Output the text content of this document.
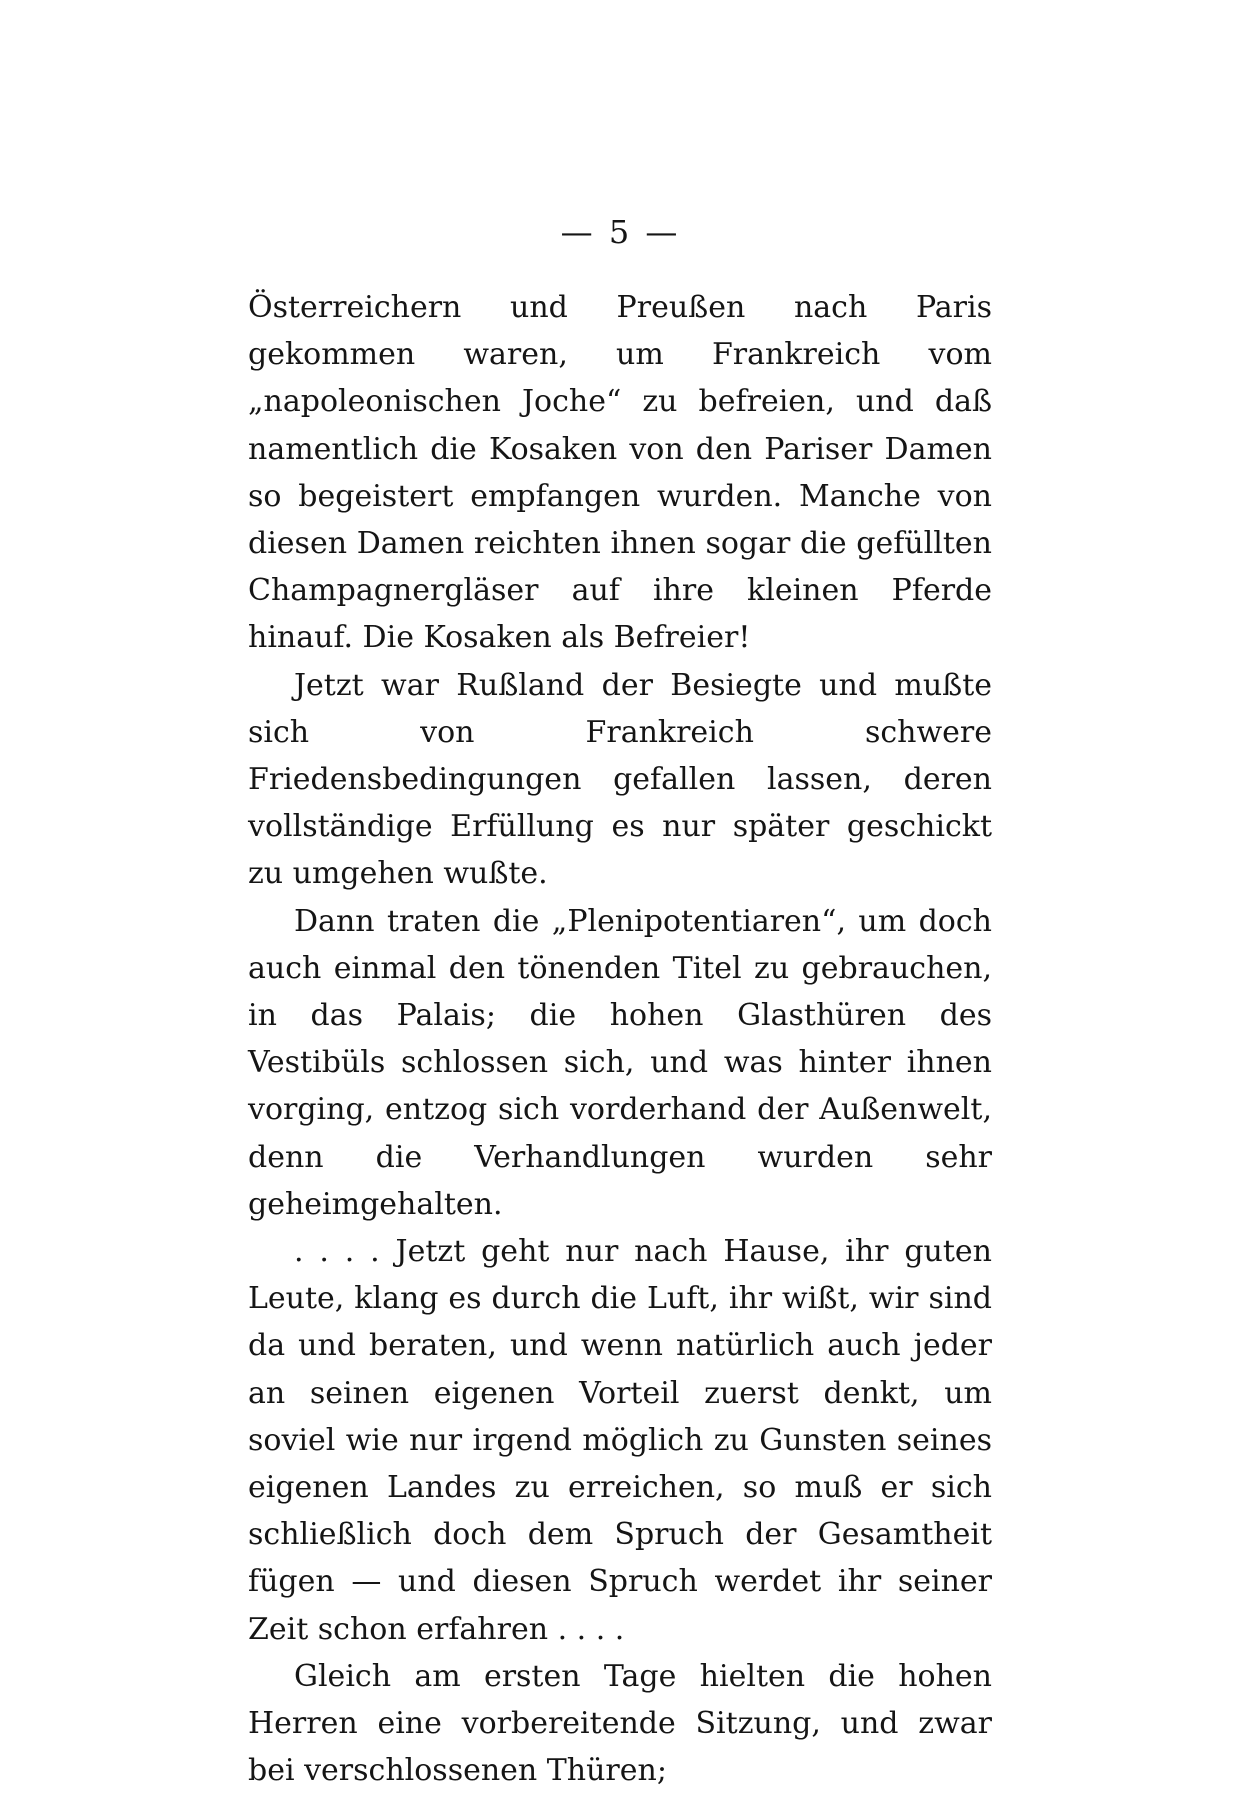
— 5 —

Österreichern und Preußen nach Paris gekommen waren, um Frankreich vom „napoleonischen Joche“ zu befreien, und daß namentlich die Kosaken von den Pariser Damen so begeistert empfangen wurden. Manche von diesen Damen reichten ihnen sogar die gefüllten Champagnergläser auf ihre kleinen Pferde hinauf. Die Kosaken als Befreier!

Jetzt war Rußland der Besiegte und mußte sich von Frankreich schwere Friedensbedingungen gefallen lassen, deren vollständige Erfüllung es nur später geschickt zu umgehen wußte.

Dann traten die „Plenipotentiaren“, um doch auch einmal den tönenden Titel zu gebrauchen, in das Palais; die hohen Glasthüren des Vestibüls schlossen sich, und was hinter ihnen vorging, entzog sich vorderhand der Außenwelt, denn die Verhandlungen wurden sehr geheimgehalten.

. . . . Jetzt geht nur nach Hause, ihr guten Leute, klang es durch die Luft, ihr wißt, wir sind da und beraten, und wenn natürlich auch jeder an seinen eigenen Vorteil zuerst denkt, um soviel wie nur irgend möglich zu Gunsten seines eigenen Landes zu erreichen, so muß er sich schließlich doch dem Spruch der Gesamtheit fügen — und diesen Spruch werdet ihr seiner Zeit schon erfahren . . . .

Gleich am ersten Tage hielten die hohen Herren eine vorbereitende Sitzung, und zwar bei verschlossenen Thüren;
